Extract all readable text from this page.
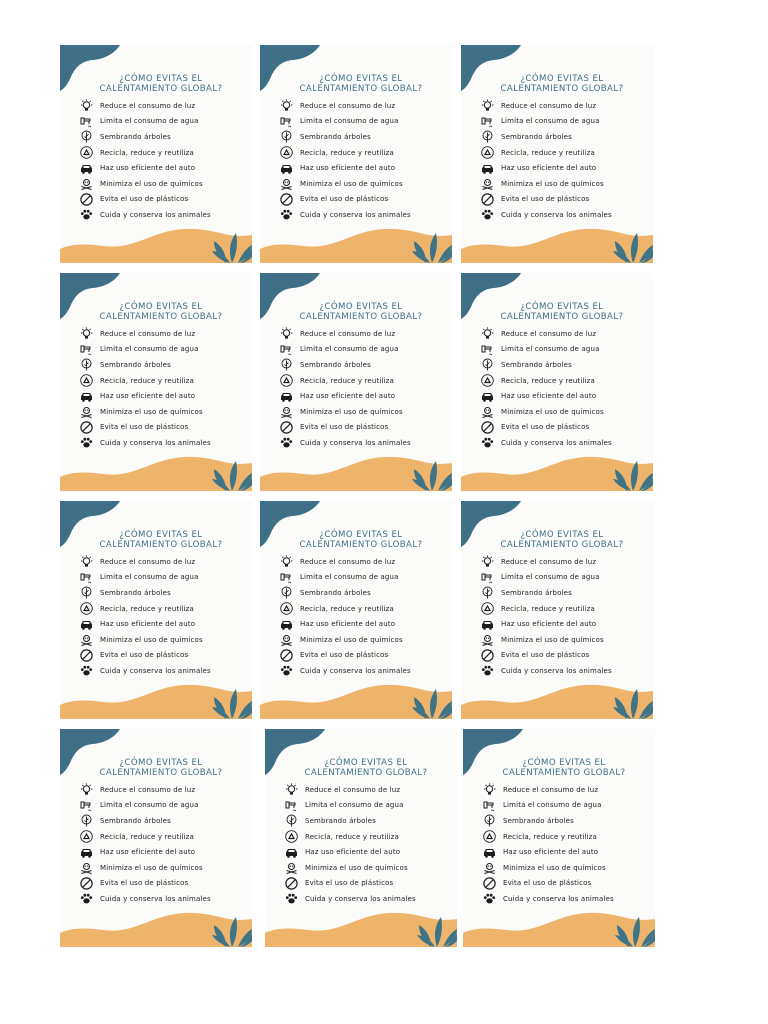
¿CÓMO EVITAS EL
CALENTAMIENTO GLOBAL?
Reduce el consumo de luz
Limita el consumo de agua
Sembrando árboles
Recicla, reduce y reutiliza
Haz uso eficiente del auto
Minimiza el uso de químicos
Evita el uso de plásticos
Cuida y conserva los animales
¿CÓMO EVITAS EL
CALENTAMIENTO GLOBAL?
Reduce el consumo de luz
Limita el consumo de agua
Sembrando árboles
Recicla, reduce y reutiliza
Haz uso eficiente del auto
Minimiza el uso de químicos
Evita el uso de plásticos
Cuida y conserva los animales
¿CÓMO EVITAS EL
CALENTAMIENTO GLOBAL?
Reduce el consumo de luz
Limita el consumo de agua
Sembrando árboles
Recicla, reduce y reutiliza
Haz uso eficiente del auto
Minimiza el uso de químicos
Evita el uso de plásticos
Cuida y conserva los animales
¿CÓMO EVITAS EL
CALENTAMIENTO GLOBAL?
Reduce el consumo de luz
Limita el consumo de agua
Sembrando árboles
Recicla, reduce y reutiliza
Haz uso eficiente del auto
Minimiza el uso de químicos
Evita el uso de plásticos
Cuida y conserva los animales
¿CÓMO EVITAS EL
CALENTAMIENTO GLOBAL?
Reduce el consumo de luz
Limita el consumo de agua
Sembrando árboles
Recicla, reduce y reutiliza
Haz uso eficiente del auto
Minimiza el uso de químicos
Evita el uso de plásticos
Cuida y conserva los animales
¿CÓMO EVITAS EL
CALENTAMIENTO GLOBAL?
Reduce el consumo de luz
Limita el consumo de agua
Sembrando árboles
Recicla, reduce y reutiliza
Haz uso eficiente del auto
Minimiza el uso de químicos
Evita el uso de plásticos
Cuida y conserva los animales
¿CÓMO EVITAS EL
CALENTAMIENTO GLOBAL?
Reduce el consumo de luz
Limita el consumo de agua
Sembrando árboles
Recicla, reduce y reutiliza
Haz uso eficiente del auto
Minimiza el uso de químicos
Evita el uso de plásticos
Cuida y conserva los animales
¿CÓMO EVITAS EL
CALENTAMIENTO GLOBAL?
Reduce el consumo de luz
Limita el consumo de agua
Sembrando árboles
Recicla, reduce y reutiliza
Haz uso eficiente del auto
Minimiza el uso de químicos
Evita el uso de plásticos
Cuida y conserva los animales
¿CÓMO EVITAS EL
CALENTAMIENTO GLOBAL?
Reduce el consumo de luz
Limita el consumo de agua
Sembrando árboles
Recicla, reduce y reutiliza
Haz uso eficiente del auto
Minimiza el uso de químicos
Evita el uso de plásticos
Cuida y conserva los animales
¿CÓMO EVITAS EL
CALENTAMIENTO GLOBAL?
Reduce el consumo de luz
Limita el consumo de agua
Sembrando árboles
Recicla, reduce y reutiliza
Haz uso eficiente del auto
Minimiza el uso de químicos
Evita el uso de plásticos
Cuida y conserva los animales
¿CÓMO EVITAS EL
CALENTAMIENTO GLOBAL?
Reduce el consumo de luz
Limita el consumo de agua
Sembrando árboles
Recicla, reduce y reutiliza
Haz uso eficiente del auto
Minimiza el uso de químicos
Evita el uso de plásticos
Cuida y conserva los animales
¿CÓMO EVITAS EL
CALENTAMIENTO GLOBAL?
Reduce el consumo de luz
Limita el consumo de agua
Sembrando árboles
Recicla, reduce y reutiliza
Haz uso eficiente del auto
Minimiza el uso de químicos
Evita el uso de plásticos
Cuida y conserva los animales
